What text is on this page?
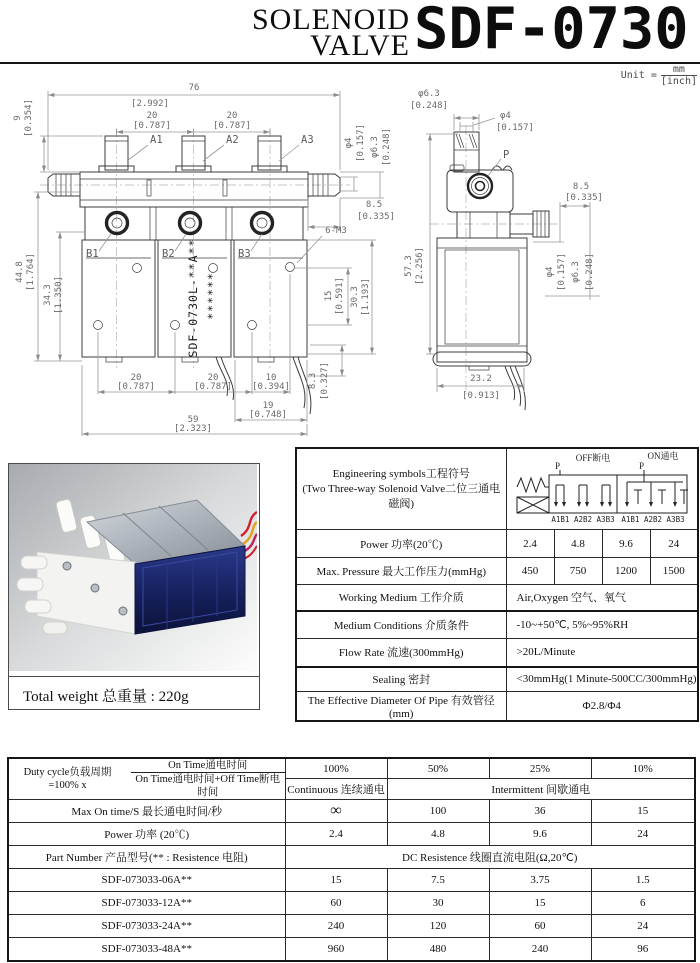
SOLENOID
VALVE SDF-0730
Unit = $\frac{mm}{\text{[inch]}}$
SDF-0730L-**A** ******
76
[2.992]
20
[0.787]
20
[0.787]
9 [0.354]
A1	A2	A3
B1	B2	B3
φ4 [0.157] φ6.3 [0.248]
8.5
[0.335]
6-M3
44.8 [1.764]
34.3 [1.350]	15 [0.591] 30.3 [1.193]
20
[0.787]
20
[0.787]
10
[0.394] 8.3 [0.327]
19
[0.748]
59
[2.323]
φ6.3
[0.248]
φ4
[0.157]
P
8.5
[0.335]
57.3 [2.256]	φ4 [0.157] φ6.3 [0.248]
23.2
[0.913]
Total weight 总重量 : 220g
Engineering symbols工程符号
(Two Three-way Solenoid Valve二位三通电磁阀)

P	P
OFF断电	ON通电
A1B1 A2B2 A3B3 A1B1 A2B2 A3B3

Power 功率(20℃)	2.4	4.8	9.6	24
Max. Pressure 最大工作压力(mmHg)	450	750	1200	1500
Working Medium 工作介质	Air,Oxygen 空气、氧气			
Medium Conditions 介质条件	-10~+50℃, 5%~95%RH			
Flow Rate 流速(300mmHg)	>20L/Minute			
Sealing 密封	<30mmHg(1 Minute-500CC/300mmHg)			
The Effective Diameter Of Pipe 有效管径(mm)	Φ2.8/Φ4			
Duty cycle负载周期=100% x
On Time通电时间
On Time通电时间+Off Time断电时间	100%	50%	25%	10%
	Continuous 连续通电	Intermittent 间歇通电		
Max On time/S 最长通电时间/秒	∞	100	36	15
Power 功率 (20℃)	2.4	4.8	9.6	24
Part Number 产品型号(** : Resistence 电阻)	DC Resistence 线圈直流电阻(Ω,20℃)			
SDF-073033-06A**	15	7.5	3.75	1.5
SDF-073033-12A**	60	30	15	6
SDF-073033-24A**	240	120	60	24
SDF-073033-48A**	960	480	240	96
